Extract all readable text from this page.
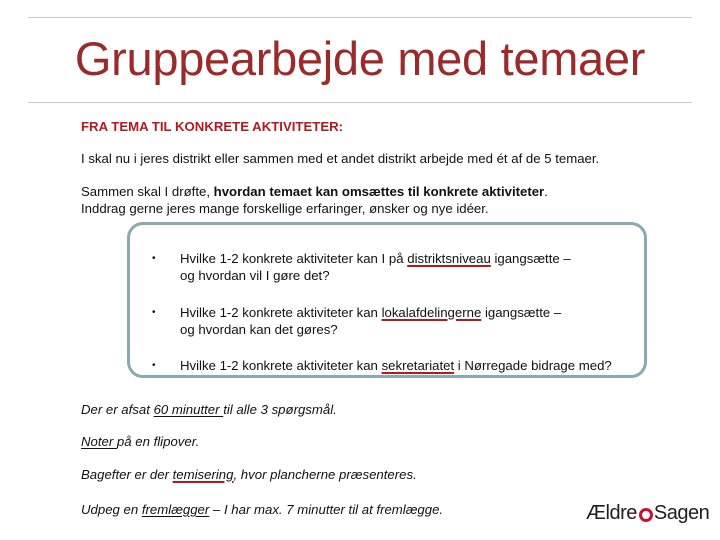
Gruppearbejde med temaer
FRA TEMA TIL KONKRETE AKTIVITETER:
I skal nu i jeres distrikt eller sammen med et andet distrikt arbejde med ét af de 5 temaer.
Sammen skal I drøfte, hvordan temaet kan omsættes til konkrete aktiviteter.
Inddrag gerne jeres mange forskellige erfaringer, ønsker og nye idéer.
• Hvilke 1-2 konkrete aktiviteter kan I på distriktsniveau igangsætte –
og hvordan vil I gøre det?
• Hvilke 1-2 konkrete aktiviteter kan lokalafdelingerne igangsætte –
og hvordan kan det gøres?
• Hvilke 1-2 konkrete aktiviteter kan sekretariatet i Nørregade bidrage med?
Der er afsat 60 minutter til alle 3 spørgsmål.
Noter på en flipover.
Bagefter er der temisering, hvor plancherne præsenteres.
Udpeg en fremlægger – I har max. 7 minutter til at fremlægge.	Ældre Sagen
